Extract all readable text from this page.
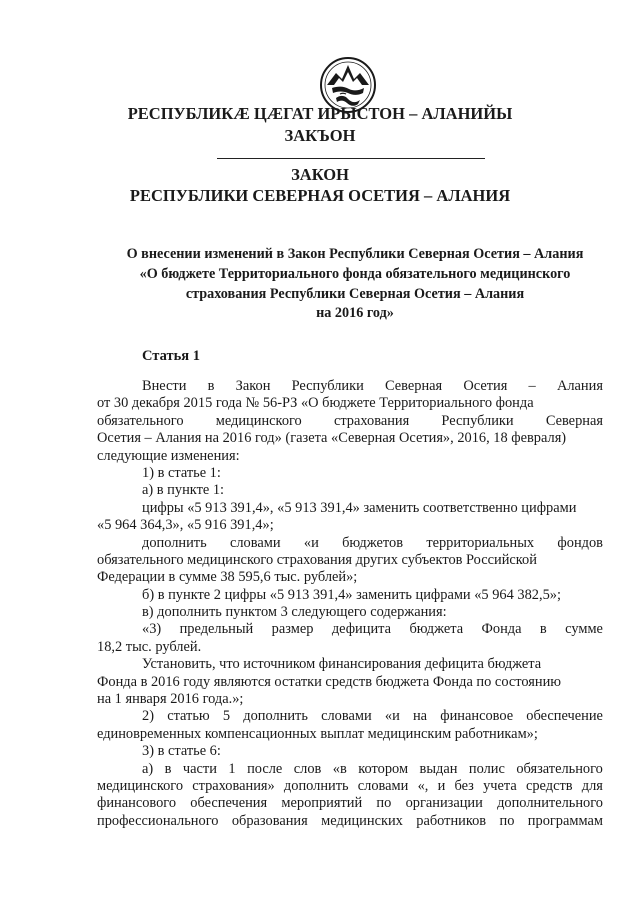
РЕСПУБЛИКӔ ЦӔГАТ ИРЫСТОН – АЛАНИЙЫ
ЗАКЪОН
ЗАКОН
РЕСПУБЛИКИ СЕВЕРНАЯ ОСЕТИЯ – АЛАНИЯ
О внесении изменений в Закон Республики Северная Осетия – Алания
«О бюджете Территориального фонда обязательного медицинского
страхования Республики Северная Осетия – Алания
на 2016 год»
Статья 1
Внести в Закон Республики Северная Осетия – Алания
от 30 декабря 2015 года № 56-РЗ «О бюджете Территориального фонда
обязательного медицинского страхования Республики Северная
Осетия – Алания на 2016 год» (газета «Северная Осетия», 2016, 18 февраля)
следующие изменения:
1) в статье 1:
а) в пункте 1:
цифры «5 913 391,4», «5 913 391,4» заменить соответственно цифрами
«5 964 364,3», «5 916 391,4»;
дополнить словами «и бюджетов территориальных фондов
обязательного медицинского страхования других субъектов Российской
Федерации в сумме 38 595,6 тыс. рублей»;
б) в пункте 2 цифры «5 913 391,4» заменить цифрами «5 964 382,5»;
в) дополнить пунктом 3 следующего содержания:
«3) предельный размер дефицита бюджета Фонда в сумме
18,2 тыс. рублей.
Установить, что источником финансирования дефицита бюджета
Фонда в 2016 году являются остатки средств бюджета Фонда по состоянию
на 1 января 2016 года.»;
2) статью 5 дополнить словами «и на финансовое обеспечение
единовременных компенсационных выплат медицинским работникам»;
3) в статье 6:
а) в части 1 после слов «в котором выдан полис обязательного
медицинского страхования» дополнить словами «, и без учета средств для
финансового обеспечения мероприятий по организации дополнительного
профессионального образования медицинских работников по программам
